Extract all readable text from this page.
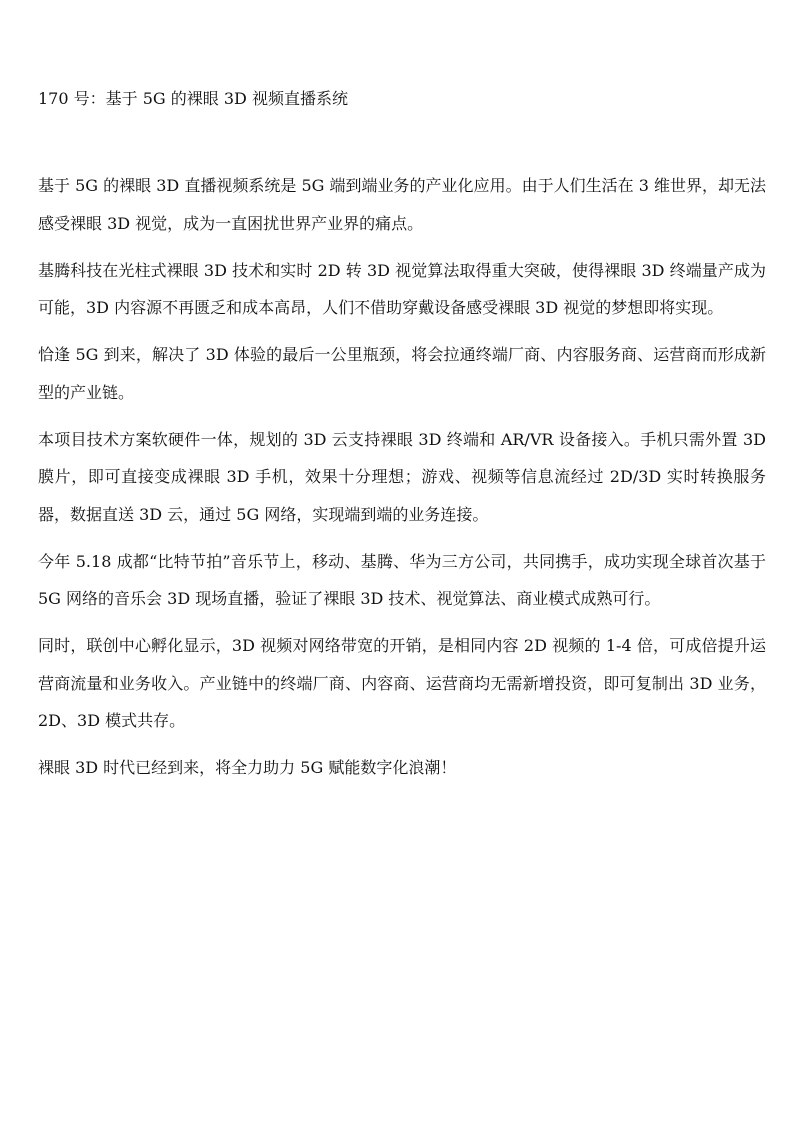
170 号：基于 5G 的裸眼 3D 视频直播系统

基于 5G 的裸眼 3D 直播视频系统是 5G 端到端业务的产业化应用。由于人们生活在 3 维世界，却无法感受裸眼 3D 视觉，成为一直困扰世界产业界的痛点。

基腾科技在光柱式裸眼 3D 技术和实时 2D 转 3D 视觉算法取得重大突破，使得裸眼 3D 终端量产成为可能，3D 内容源不再匮乏和成本高昂，人们不借助穿戴设备感受裸眼 3D 视觉的梦想即将实现。

恰逢 5G 到来，解决了 3D 体验的最后一公里瓶颈，将会拉通终端厂商、内容服务商、运营商而形成新型的产业链。

本项目技术方案软硬件一体，规划的 3D 云支持裸眼 3D 终端和 AR/VR 设备接入。手机只需外置 3D 膜片，即可直接变成裸眼 3D 手机，效果十分理想；游戏、视频等信息流经过 2D/3D 实时转换服务器，数据直送 3D 云，通过 5G 网络，实现端到端的业务连接。

今年 5.18 成都“比特节拍”音乐节上，移动、基腾、华为三方公司，共同携手，成功实现全球首次基于 5G 网络的音乐会 3D 现场直播，验证了裸眼 3D 技术、视觉算法、商业模式成熟可行。

同时，联创中心孵化显示，3D 视频对网络带宽的开销，是相同内容 2D 视频的 1-4 倍，可成倍提升运营商流量和业务收入。产业链中的终端厂商、内容商、运营商均无需新增投资，即可复制出 3D 业务，2D、3D 模式共存。

裸眼 3D 时代已经到来，将全力助力 5G 赋能数字化浪潮！
